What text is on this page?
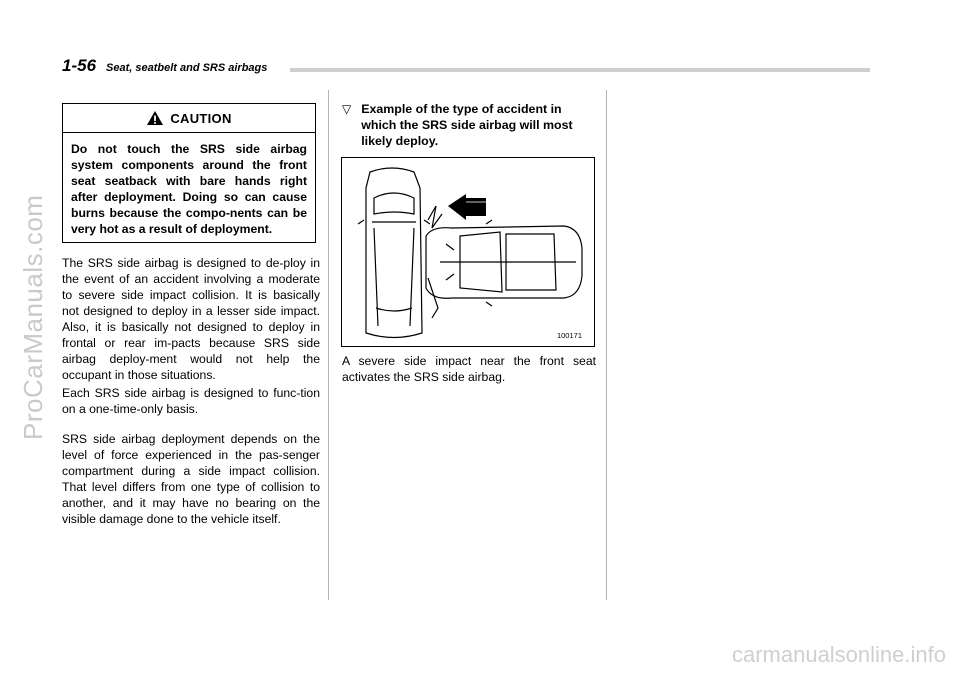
1-56 Seat, seatbelt and SRS airbags
CAUTION

Do not touch the SRS side airbag system components around the front seat seatback with bare hands right after deployment. Doing so can cause burns because the compo-nents can be very hot as a result of deployment.

The SRS side airbag is designed to de-ploy in the event of an accident involving a moderate to severe side impact collision. It is basically not designed to deploy in a lesser side impact. Also, it is basically not designed to deploy in frontal or rear im-pacts because SRS side airbag deploy-ment would not help the occupant in those situations.

Each SRS side airbag is designed to func-tion on a one-time-only basis.

SRS side airbag deployment depends on the level of force experienced in the pas-senger compartment during a side impact collision. That level differs from one type of collision to another, and it may have no bearing on the visible damage done to the vehicle itself.

▽ Example of the type of accident in which the SRS side airbag will most likely deploy.
100171

A severe side impact near the front seat activates the SRS side airbag.

ProCarManuals.com
carmanualsonline.info
